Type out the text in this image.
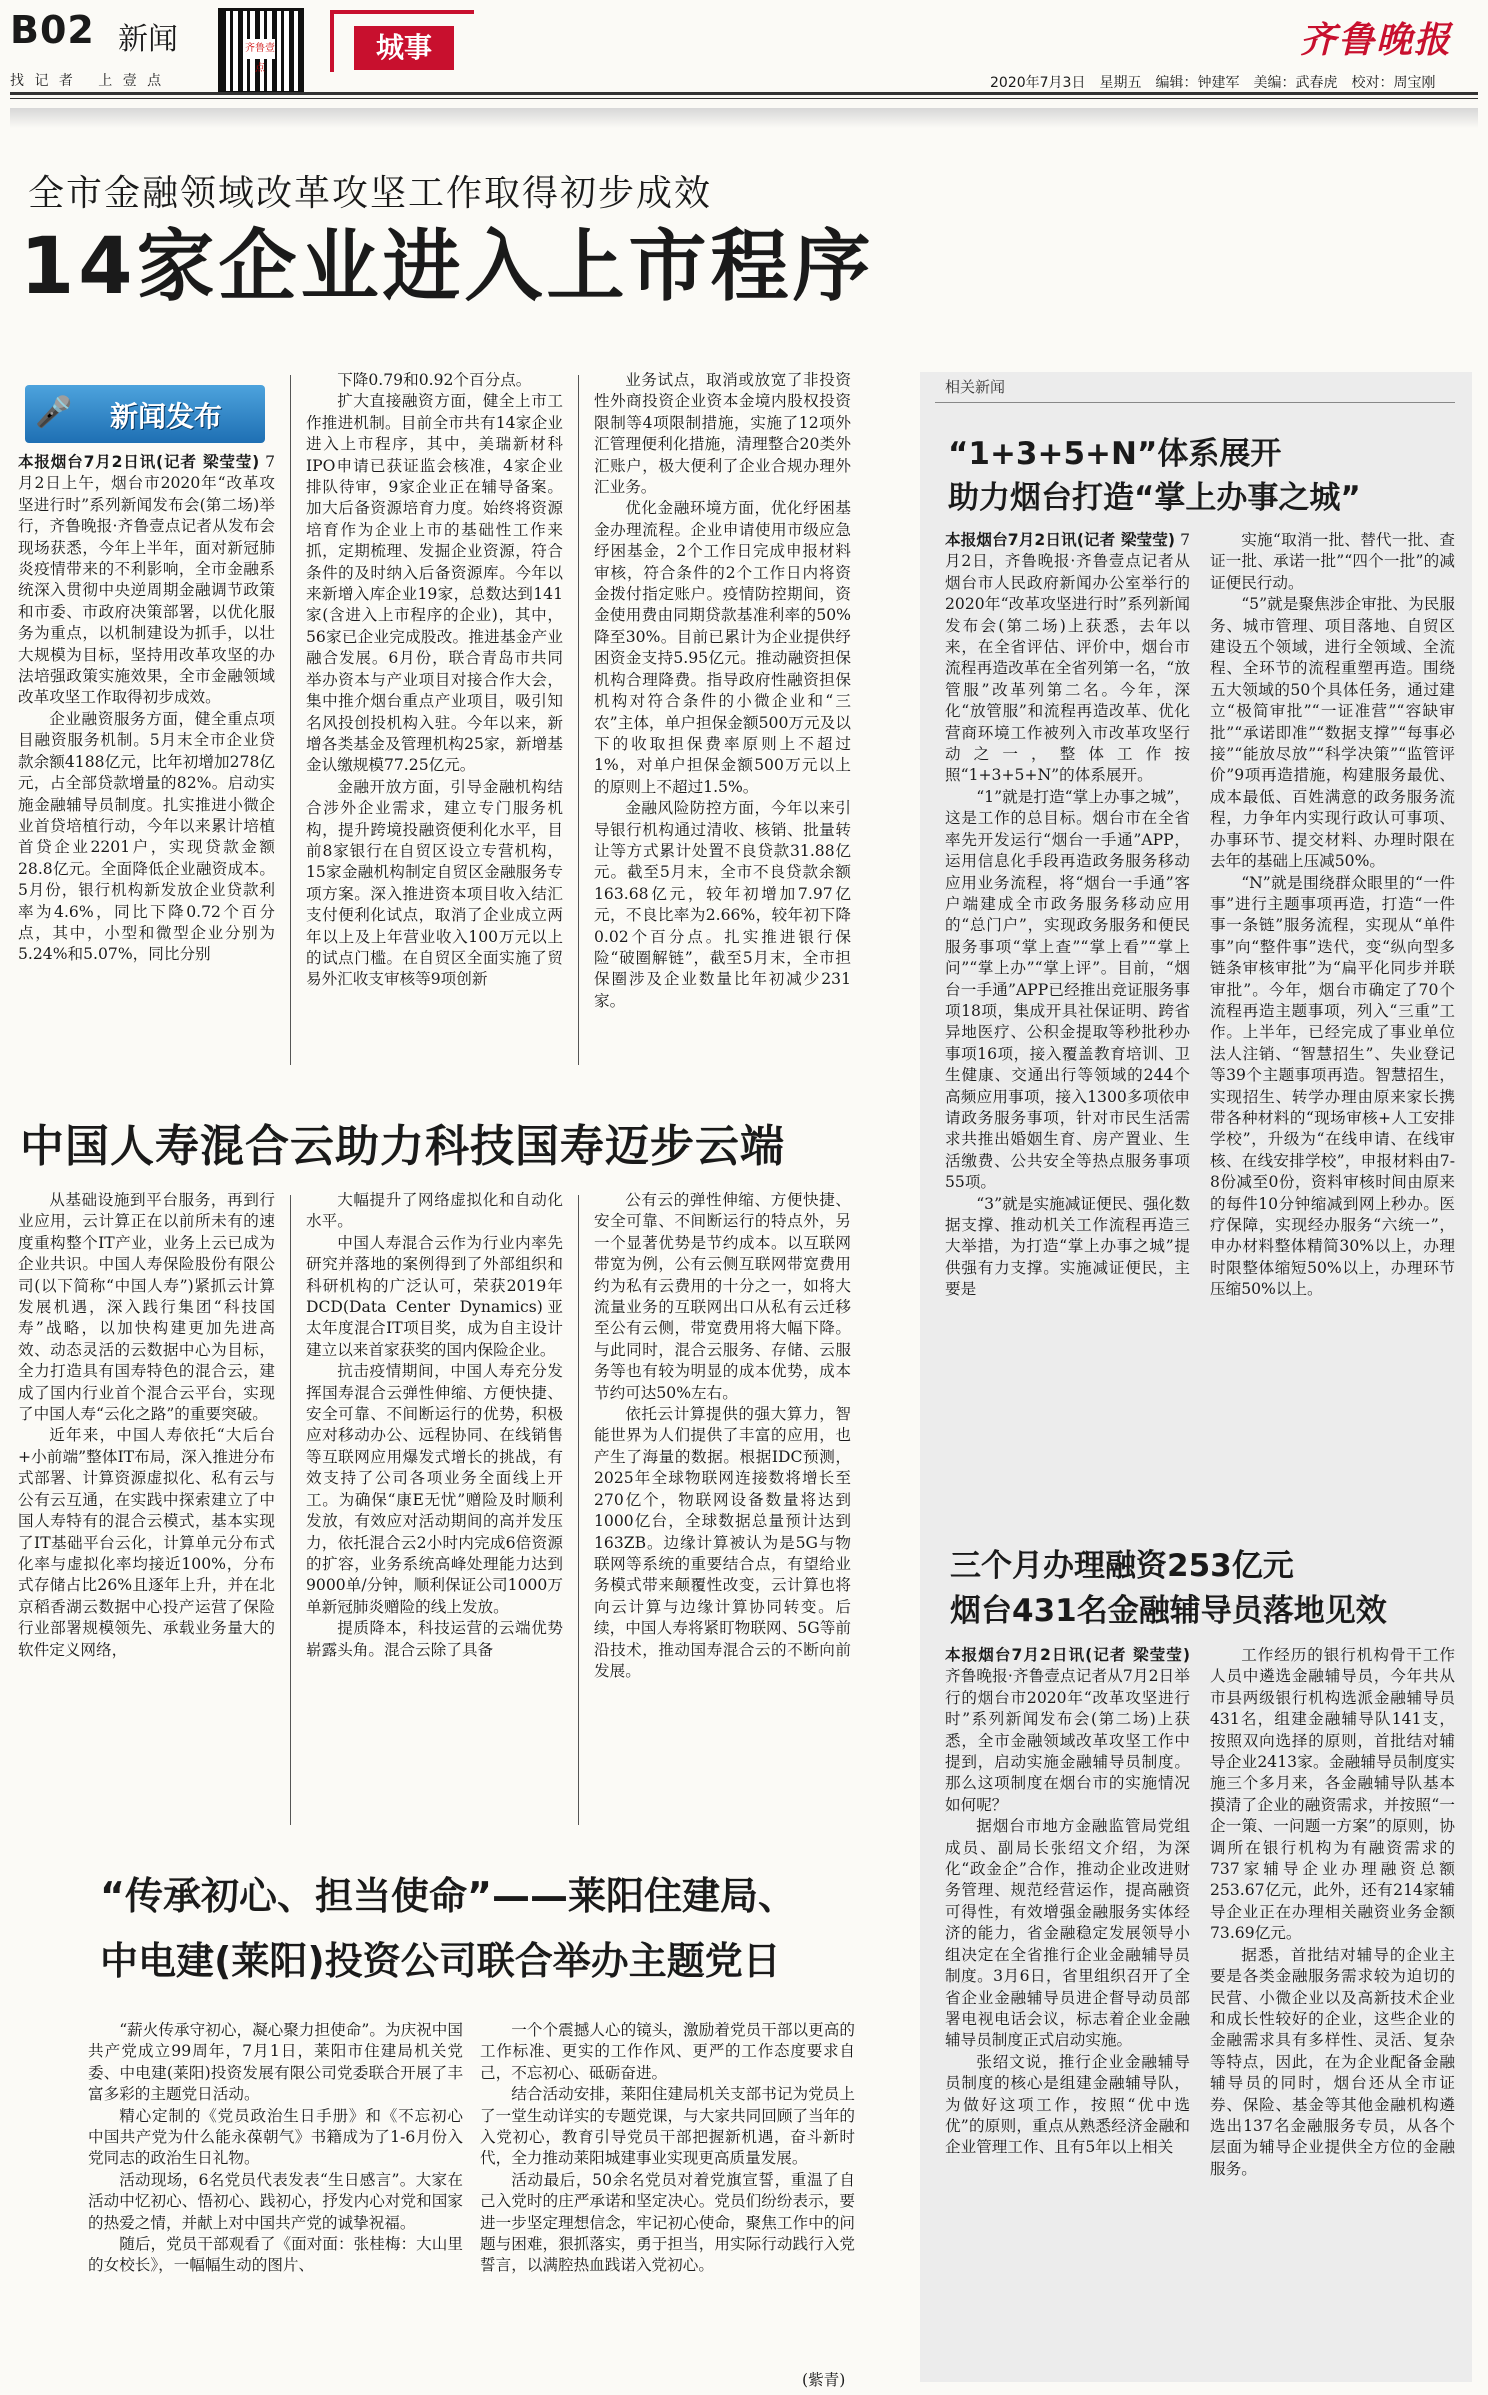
B02 新闻
找 记 者   上 壹 点
齐鲁壹点
城事	齐鲁晚报
2020年7月3日　星期五　编辑：钟建军　美编：武春虎　校对：周宝刚
全市金融领域改革攻坚工作取得初步成效
14家企业进入上市程序
🎤 新闻发布

本报烟台7月2日讯(记者 梁莹莹) 7月2日上午，烟台市2020年“改革攻坚进行时”系列新闻发布会(第二场)举行，齐鲁晚报·齐鲁壹点记者从发布会现场获悉，今年上半年，面对新冠肺炎疫情带来的不利影响，全市金融系统深入贯彻中央逆周期金融调节政策和市委、市政府决策部署，以优化服务为重点，以机制建设为抓手，以壮大规模为目标，坚持用改革攻坚的办法培强政策实施效果，全市金融领域改革攻坚工作取得初步成效。

企业融资服务方面，健全重点项目融资服务机制。5月末全市企业贷款余额4188亿元，比年初增加278亿元，占全部贷款增量的82%。启动实施金融辅导员制度。扎实推进小微企业首贷培植行动，今年以来累计培植首贷企业2201户，实现贷款金额28.8亿元。全面降低企业融资成本。5月份，银行机构新发放企业贷款利率为4.6%，同比下降0.72个百分点，其中，小型和微型企业分别为5.24%和5.07%，同比分别

下降0.79和0.92个百分点。

扩大直接融资方面，健全上市工作推进机制。目前全市共有14家企业进入上市程序，其中，美瑞新材科IPO申请已获证监会核准，4家企业排队待审，9家企业正在辅导备案。加大后备资源培育力度。始终将资源培育作为企业上市的基础性工作来抓，定期梳理、发掘企业资源，符合条件的及时纳入后备资源库。今年以来新增入库企业19家，总数达到141家(含进入上市程序的企业)，其中，56家已企业完成股改。推进基金产业融合发展。6月份，联合青岛市共同举办资本与产业项目对接合作大会，集中推介烟台重点产业项目，吸引知名风投创投机构入驻。今年以来，新增各类基金及管理机构25家，新增基金认缴规模77.25亿元。

金融开放方面，引导金融机构结合涉外企业需求，建立专门服务机构，提升跨境投融资便利化水平，目前8家银行在自贸区设立专营机构，15家金融机构制定自贸区金融服务专项方案。深入推进资本项目收入结汇支付便利化试点，取消了企业成立两年以上及上年营业收入100万元以上的试点门槛。在自贸区全面实施了贸易外汇收支审核等9项创新

业务试点，取消或放宽了非投资性外商投资企业资本金境内股权投资限制等4项限制措施，实施了12项外汇管理便利化措施，清理整合20类外汇账户，极大便利了企业合规办理外汇业务。

优化金融环境方面，优化纾困基金办理流程。企业申请使用市级应急纾困基金，2个工作日完成申报材料审核，符合条件的2个工作日内将资金拨付指定账户。疫情防控期间，资金使用费由同期贷款基准利率的50%降至30%。目前已累计为企业提供纾困资金支持5.95亿元。推动融资担保机构合理降费。指导政府性融资担保机构对符合条件的小微企业和“三农”主体，单户担保金额500万元及以下的收取担保费率原则上不超过1%，对单户担保金额500万元以上的原则上不超过1.5%。

金融风险防控方面，今年以来引导银行机构通过清收、核销、批量转让等方式累计处置不良贷款31.88亿元。截至5月末，全市不良贷款余额163.68亿元，较年初增加7.97亿元，不良比率为2.66%，较年初下降0.02个百分点。扎实推进银行保险“破圈解链”，截至5月末，全市担保圈涉及企业数量比年初减少231家。

中国人寿混合云助力科技国寿迈步云端

从基础设施到平台服务，再到行业应用，云计算正在以前所未有的速度重构整个IT产业，业务上云已成为企业共识。中国人寿保险股份有限公司(以下简称“中国人寿”)紧抓云计算发展机遇，深入践行集团“科技国寿”战略，以加快构建更加先进高效、动态灵活的云数据中心为目标，全力打造具有国寿特色的混合云，建成了国内行业首个混合云平台，实现了中国人寿“云化之路”的重要突破。

近年来，中国人寿依托“大后台+小前端”整体IT布局，深入推进分布式部署、计算资源虚拟化、私有云与公有云互通，在实践中探索建立了中国人寿特有的混合云模式，基本实现了IT基础平台云化，计算单元分布式化率与虚拟化率均接近100%，分布式存储占比26%且逐年上升，并在北京稻香湖云数据中心投产运营了保险行业部署规模领先、承载业务量大的软件定义网络，

大幅提升了网络虚拟化和自动化水平。

中国人寿混合云作为行业内率先研究并落地的案例得到了外部组织和科研机构的广泛认可，荣获2019年DCD(Data Center Dynamics)亚太年度混合IT项目奖，成为自主设计建立以来首家获奖的国内保险企业。

抗击疫情期间，中国人寿充分发挥国寿混合云弹性伸缩、方便快捷、安全可靠、不间断运行的优势，积极应对移动办公、远程协同、在线销售等互联网应用爆发式增长的挑战，有效支持了公司各项业务全面线上开工。为确保“康E无忧”赠险及时顺利发放，有效应对活动期间的高并发压力，依托混合云2小时内完成6倍资源的扩容，业务系统高峰处理能力达到9000单/分钟，顺利保证公司1000万单新冠肺炎赠险的线上发放。

提质降本，科技运营的云端优势崭露头角。混合云除了具备

公有云的弹性伸缩、方便快捷、安全可靠、不间断运行的特点外，另一个显著优势是节约成本。以互联网带宽为例，公有云侧互联网带宽费用约为私有云费用的十分之一，如将大流量业务的互联网出口从私有云迁移至公有云侧，带宽费用将大幅下降。与此同时，混合云服务、存储、云服务等也有较为明显的成本优势，成本节约可达50%左右。

依托云计算提供的强大算力，智能世界为人们提供了丰富的应用，也产生了海量的数据。根据IDC预测，2025年全球物联网连接数将增长至270亿个，物联网设备数量将达到1000亿台，全球数据总量预计达到163ZB。边缘计算被认为是5G与物联网等系统的重要结合点，有望给业务模式带来颠覆性改变，云计算也将向云计算与边缘计算协同转变。后续，中国人寿将紧盯物联网、5G等前沿技术，推动国寿混合云的不断向前发展。

“传承初心、担当使命”——莱阳住建局、
中电建(莱阳)投资公司联合举办主题党日

“薪火传承守初心，凝心聚力担使命”。为庆祝中国共产党成立99周年，7月1日，莱阳市住建局机关党委、中电建(莱阳)投资发展有限公司党委联合开展了丰富多彩的主题党日活动。

精心定制的《党员政治生日手册》和《不忘初心 中国共产党为什么能永葆朝气》书籍成为了1-6月份入党同志的政治生日礼物。

活动现场，6名党员代表发表“生日感言”。大家在活动中忆初心、悟初心、践初心，抒发内心对党和国家的热爱之情，并献上对中国共产党的诚挚祝福。

随后，党员干部观看了《面对面：张桂梅：大山里的女校长》，一幅幅生动的图片、

一个个震撼人心的镜头，激励着党员干部以更高的工作标准、更实的工作作风、更严的工作态度要求自己，不忘初心、砥砺奋进。

结合活动安排，莱阳住建局机关支部书记为党员上了一堂生动详实的专题党课，与大家共同回顾了当年的入党初心，教育引导党员干部把握新机遇，奋斗新时代，全力推动莱阳城建事业实现更高质量发展。

活动最后，50余名党员对着党旗宣誓，重温了自己入党时的庄严承诺和坚定决心。党员们纷纷表示，要进一步坚定理想信念，牢记初心使命，聚焦工作中的问题与困难，狠抓落实，勇于担当，用实际行动践行入党誓言，以满腔热血践诺入党初心。

(紫青)
相关新闻
“1+3+5+N”体系展开
助力烟台打造“掌上办事之城”

本报烟台7月2日讯(记者 梁莹莹) 7月2日，齐鲁晚报·齐鲁壹点记者从烟台市人民政府新闻办公室举行的2020年“改革攻坚进行时”系列新闻发布会(第二场)上获悉，去年以来，在全省评估、评价中，烟台市流程再造改革在全省列第一名，“放管服”改革列第二名。今年，深化“放管服”和流程再造改革、优化营商环境工作被列入市改革攻坚行动之一，整体工作按照“1+3+5+N”的体系展开。

“1”就是打造“掌上办事之城”，这是工作的总目标。烟台市在全省率先开发运行“烟台一手通”APP，运用信息化手段再造政务服务移动应用业务流程，将“烟台一手通”客户端建成全市政务服务移动应用的“总门户”，实现政务服务和便民服务事项“掌上查”“掌上看”“掌上问”“掌上办”“掌上评”。目前，“烟台一手通”APP已经推出竞证服务事项18项，集成开具社保证明、跨省异地医疗、公积金提取等秒批秒办事项16项，接入覆盖教育培训、卫生健康、交通出行等领域的244个高频应用事项，接入1300多项依申请政务服务事项，针对市民生活需求共推出婚姻生育、房产置业、生活缴费、公共安全等热点服务事项55项。

“3”就是实施减证便民、强化数据支撑、推动机关工作流程再造三大举措，为打造“掌上办事之城”提供强有力支撑。实施减证便民，主要是

实施“取消一批、替代一批、查证一批、承诺一批”“四个一批”的减证便民行动。

“5”就是聚焦涉企审批、为民服务、城市管理、项目落地、自贸区建设五个领域，进行全领域、全流程、全环节的流程重塑再造。围绕五大领域的50个具体任务，通过建立“极简审批”“一证准营”“容缺审批”“承诺即准”“数据支撑”“每事必接”“能放尽放”“科学决策”“监管评价”9项再造措施，构建服务最优、成本最低、百姓满意的政务服务流程，力争年内实现行政认可事项、办事环节、提交材料、办理时限在去年的基础上压减50%。

“N”就是围绕群众眼里的“一件事”进行主题事项再造，打造“一件事一条链”服务流程，实现从“单件事”向“整件事”迭代，变“纵向型多链条审核审批”为“扁平化同步并联审批”。今年，烟台市确定了70个流程再造主题事项，列入“三重”工作。上半年，已经完成了事业单位法人注销、“智慧招生”、失业登记等39个主题事项再造。智慧招生，实现招生、转学办理由原来家长携带各种材料的“现场审核+人工安排学校”，升级为“在线申请、在线审核、在线安排学校”，申报材料由7-8份减至0份，资料审核时间由原来的每件10分钟缩减到网上秒办。医疗保障，实现经办服务“六统一”，申办材料整体精简30%以上，办理时限整体缩短50%以上，办理环节压缩50%以上。

三个月办理融资253亿元
烟台431名金融辅导员落地见效

本报烟台7月2日讯(记者 梁莹莹) 齐鲁晚报·齐鲁壹点记者从7月2日举行的烟台市2020年“改革攻坚进行时”系列新闻发布会(第二场)上获悉，全市金融领域改革攻坚工作中提到，启动实施金融辅导员制度。那么这项制度在烟台市的实施情况如何呢？

据烟台市地方金融监管局党组成员、副局长张绍文介绍，为深化“政金企”合作，推动企业改进财务管理、规范经营运作，提高融资可得性，有效增强金融服务实体经济的能力，省金融稳定发展领导小组决定在全省推行企业金融辅导员制度。3月6日，省里组织召开了全省企业金融辅导员进企督导动员部署电视电话会议，标志着企业金融辅导员制度正式启动实施。

张绍文说，推行企业金融辅导员制度的核心是组建金融辅导队，为做好这项工作，按照“优中选优”的原则，重点从熟悉经济金融和企业管理工作、且有5年以上相关

工作经历的银行机构骨干工作人员中遴选金融辅导员，今年共从市县两级银行机构选派金融辅导员431名，组建金融辅导队141支，按照双向选择的原则，首批结对辅导企业2413家。金融辅导员制度实施三个多月来，各金融辅导队基本摸清了企业的融资需求，并按照“一企一策、一问题一方案”的原则，协调所在银行机构为有融资需求的737家辅导企业办理融资总额253.67亿元，此外，还有214家辅导企业正在办理相关融资业务金额73.69亿元。

据悉，首批结对辅导的企业主要是各类金融服务需求较为迫切的民营、小微企业以及高新技术企业和成长性较好的企业，这些企业的金融需求具有多样性、灵活、复杂等特点，因此，在为企业配备金融辅导员的同时，烟台还从全市证券、保险、基金等其他金融机构遴选出137名金融服务专员，从各个层面为辅导企业提供全方位的金融服务。
